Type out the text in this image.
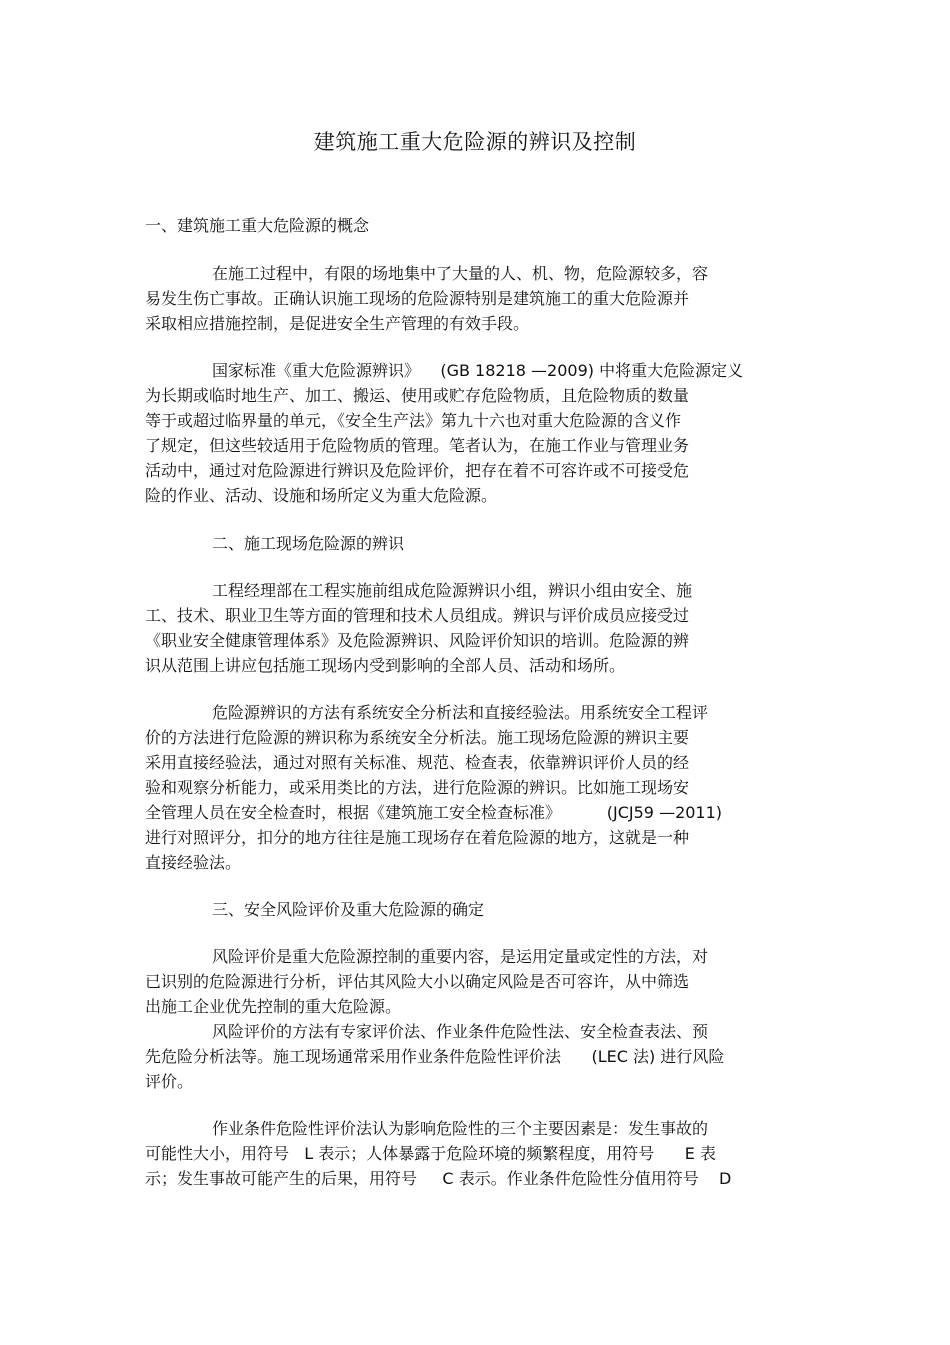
建筑施工重大危险源的辨识及控制
一、建筑施工重大危险源的概念
在施工过程中，有限的场地集中了大量的人、机、物，危险源较多，容
易发生伤亡事故。正确认识施工现场的危险源特别是建筑施工的重大危险源并
采取相应措施控制，是促进安全生产管理的有效手段。
国家标准《重大危险源辨识》    (GB 18218 —2009) 中将重大危险源定义
为长期或临时地生产、加工、搬运、使用或贮存危险物质，且危险物质的数量
等于或超过临界量的单元，《安全生产法》第九十六也对重大危险源的含义作
了规定，但这些较适用于危险物质的管理。笔者认为，在施工作业与管理业务
活动中，通过对危险源进行辨识及危险评价，把存在着不可容许或不可接受危
险的作业、活动、设施和场所定义为重大危险源。
二、施工现场危险源的辨识
工程经理部在工程实施前组成危险源辨识小组，辨识小组由安全、施
工、技术、职业卫生等方面的管理和技术人员组成。辨识与评价成员应接受过
《职业安全健康管理体系》及危险源辨识、风险评价知识的培训。危险源的辨
识从范围上讲应包括施工现场内受到影响的全部人员、活动和场所。
危险源辨识的方法有系统安全分析法和直接经验法。用系统安全工程评
价的方法进行危险源的辨识称为系统安全分析法。施工现场危险源的辨识主要
采用直接经验法，通过对照有关标准、规范、检查表，依靠辨识评价人员的经
验和观察分析能力，或采用类比的方法，进行危险源的辨识。比如施工现场安
全管理人员在安全检查时，根据《建筑施工安全检查标准》         (JCJ59 —2011)
进行对照评分，扣分的地方往往是施工现场存在着危险源的地方，这就是一种
直接经验法。
三、安全风险评价及重大危险源的确定
风险评价是重大危险源控制的重要内容，是运用定量或定性的方法，对
已识别的危险源进行分析，评估其风险大小以确定风险是否可容许，从中筛选
出施工企业优先控制的重大危险源。
风险评价的方法有专家评价法、作业条件危险性法、安全检查表法、预
先危险分析法等。施工现场通常采用作业条件危险性评价法      (LEC 法) 进行风险
评价。
作业条件危险性评价法认为影响危险性的三个主要因素是：发生事故的
可能性大小，用符号   L 表示；人体暴露于危险环境的频繁程度，用符号      E 表
示；发生事故可能产生的后果，用符号     C 表示。作业条件危险性分值用符号    D
